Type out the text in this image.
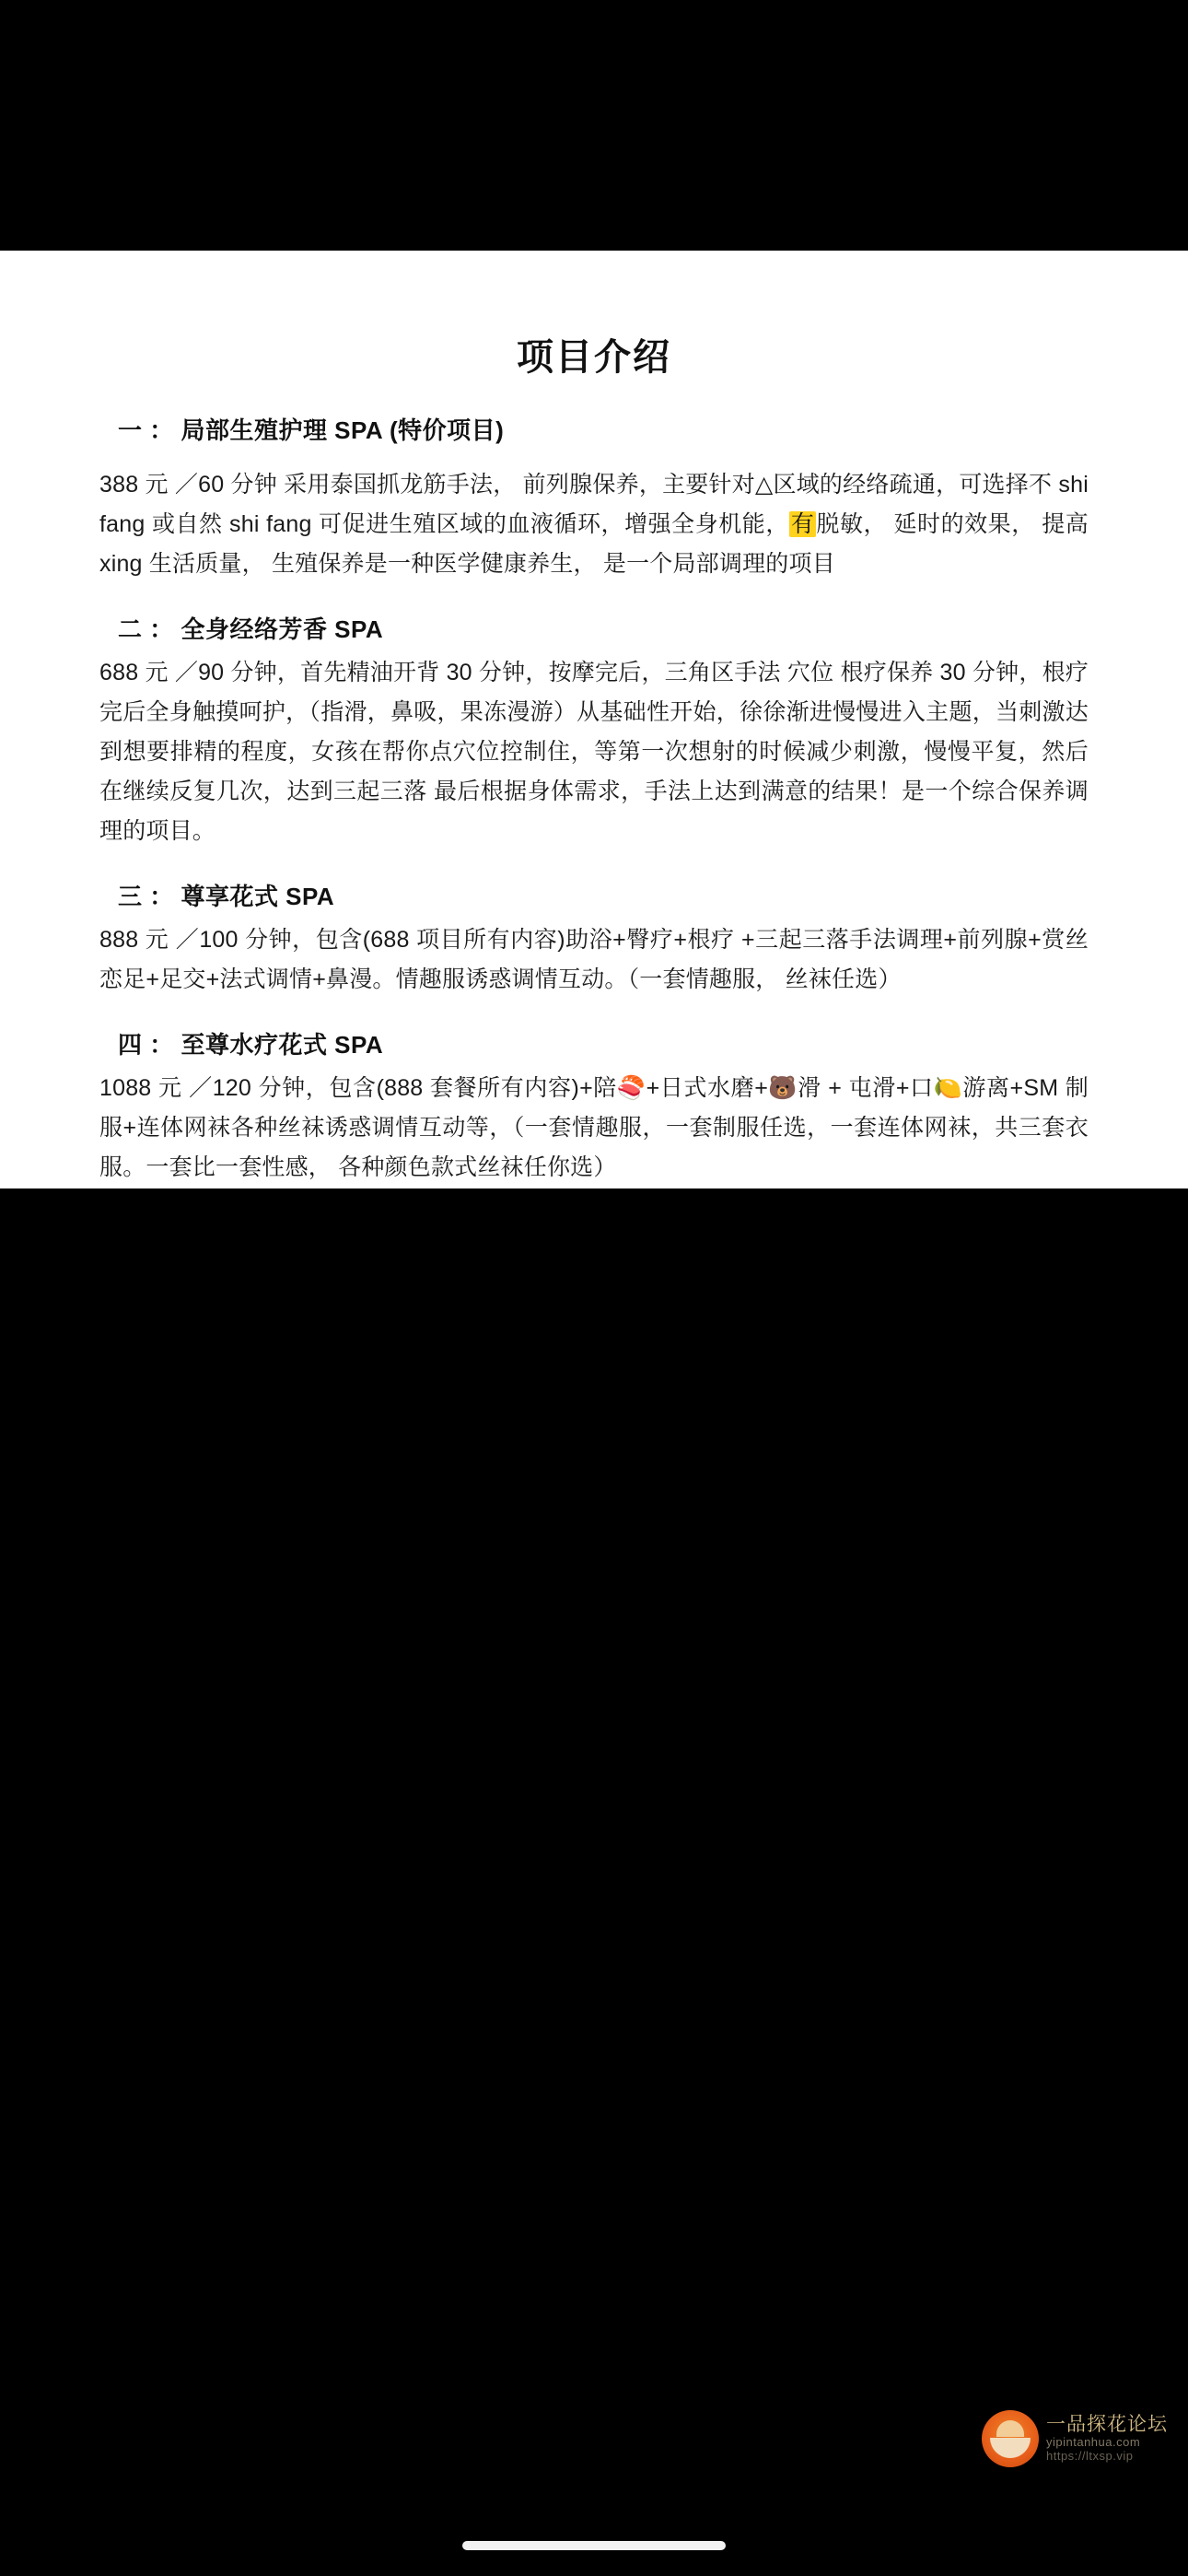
项目介绍
一 ： 局部生殖护理 SPA (特价项目)
388 元 ／60 分钟 采用泰国抓龙筋手法， 前列腺保养，主要针对△区域的经络疏通，可选择不 shi fang 或自然 shi fang 可促进生殖区域的血液循环，增强全身机能，有脱敏， 延时的效果， 提高 xing 生活质量， 生殖保养是一种医学健康养生， 是一个局部调理的项目
二 ： 全身经络芳香 SPA
688 元 ／90 分钟，首先精油开背 30 分钟，按摩完后，三角区手法 穴位 根疗保养 30 分钟，根疗完后全身触摸呵护，（指滑，鼻吸，果冻漫游）从基础性开始，徐徐渐进慢慢进入主题，当刺激达到想要排精的程度，女孩在帮你点穴位控制住，等第一次想射的时候减少刺激，慢慢平复，然后在继续反复几次，达到三起三落 最后根据身体需求，手法上达到满意的结果！是一个综合保养调理的项目。
三 ： 尊享花式 SPA
888 元 ／100 分钟，包含(688 项目所有内容)助浴+臀疗+根疗 +三起三落手法调理+前列腺+赏丝恋足+足交+法式调情+鼻漫。情趣服诱惑调情互动。（一套情趣服， 丝袜任选）
四 ： 至尊水疗花式 SPA
1088 元 ／120 分钟，包含(888 套餐所有内容)+陪🍣+日式水磨+🐻滑 + 屯滑+口🍋游离+SM 制服+连体网袜各种丝袜诱惑调情互动等，（一套情趣服，一套制服任选，一套连体网袜，共三套衣服。一套比一套性感， 各种颜色款式丝袜任你选）
一品探花论坛
yipintanhua.com
https://ltxsp.vip
